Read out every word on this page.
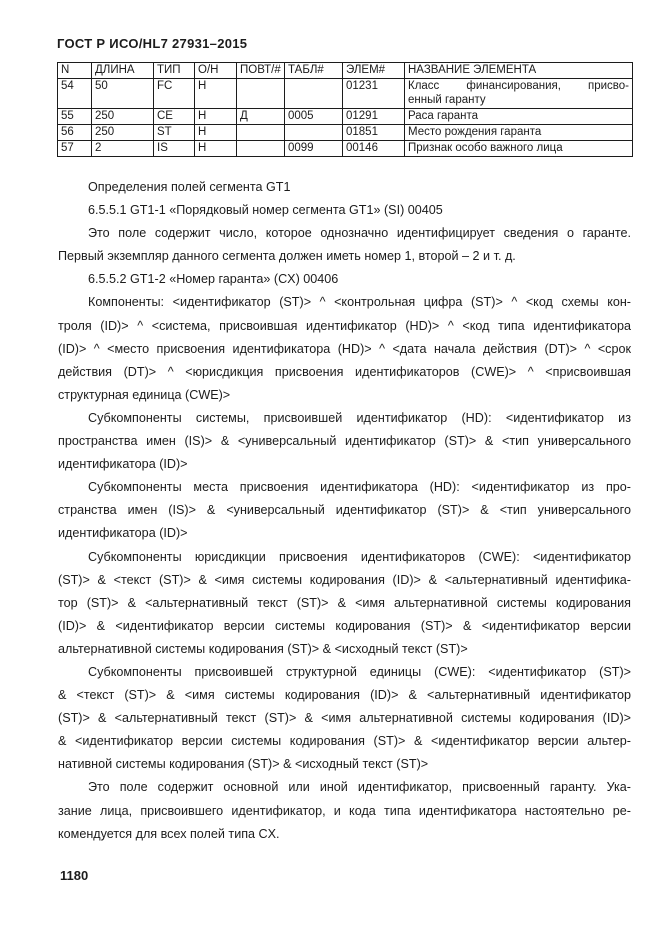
ГОСТ Р ИСО/HL7 27931–2015
N	ДЛИНА	ТИП	О/Н	ПОВТ/#	ТАБЛ#	ЭЛЕМ#	НАЗВАНИЕ ЭЛЕМЕНТА
54	50	FC	Н			01231	Класс финансирования, присво-
енный гаранту

55	250	CE	Н	Д	0005	01291	Раса гаранта

56	250	ST	Н			01851	Место рождения гаранта

57	2	IS	Н		0099	00146	Признак особо важного лица
Определения полей сегмента GT1
6.5.5.1 GT1-1 «Порядковый номер сегмента GT1» (SI) 00405
Это поле содержит число, которое однозначно идентифицирует сведения о гаранте.
Первый экземпляр данного сегмента должен иметь номер 1, второй – 2 и т. д.
6.5.5.2 GT1-2 «Номер гаранта» (CX) 00406
Компоненты: <идентификатор (ST)> ^ <контрольная цифра (ST)> ^ <код схемы кон-
троля (ID)> ^ <система, присвоившая идентификатор (HD)> ^ <код типа идентификатора
(ID)> ^ <место присвоения идентификатора (HD)> ^ <дата начала действия (DT)> ^ <срок
действия (DT)> ^ <юрисдикция присвоения идентификаторов (CWE)> ^ <присвоившая
структурная единица (CWE)>
Субкомпоненты системы, присвоившей идентификатор (HD): <идентификатор из
пространства имен (IS)> & <универсальный идентификатор (ST)> & <тип универсального
идентификатора (ID)>
Субкомпоненты места присвоения идентификатора (HD): <идентификатор из про-
странства имен (IS)> & <универсальный идентификатор (ST)> & <тип универсального
идентификатора (ID)>
Субкомпоненты юрисдикции присвоения идентификаторов (CWE): <идентификатор
(ST)> & <текст (ST)> & <имя системы кодирования (ID)> & <альтернативный идентифика-
тор (ST)> & <альтернативный текст (ST)> & <имя альтернативной системы кодирования
(ID)> & <идентификатор версии системы кодирования (ST)> & <идентификатор версии
альтернативной системы кодирования (ST)> & <исходный текст (ST)>
Субкомпоненты присвоившей структурной единицы (CWE): <идентификатор (ST)>
& <текст (ST)> & <имя системы кодирования (ID)> & <альтернативный идентификатор
(ST)> & <альтернативный текст (ST)> & <имя альтернативной системы кодирования (ID)>
& <идентификатор версии системы кодирования (ST)> & <идентификатор версии альтер-
нативной системы кодирования (ST)> & <исходный текст (ST)>
Это поле содержит основной или иной идентификатор, присвоенный гаранту. Ука-
зание лица, присвоившего идентификатор, и кода типа идентификатора настоятельно ре-
комендуется для всех полей типа CX.
1180
